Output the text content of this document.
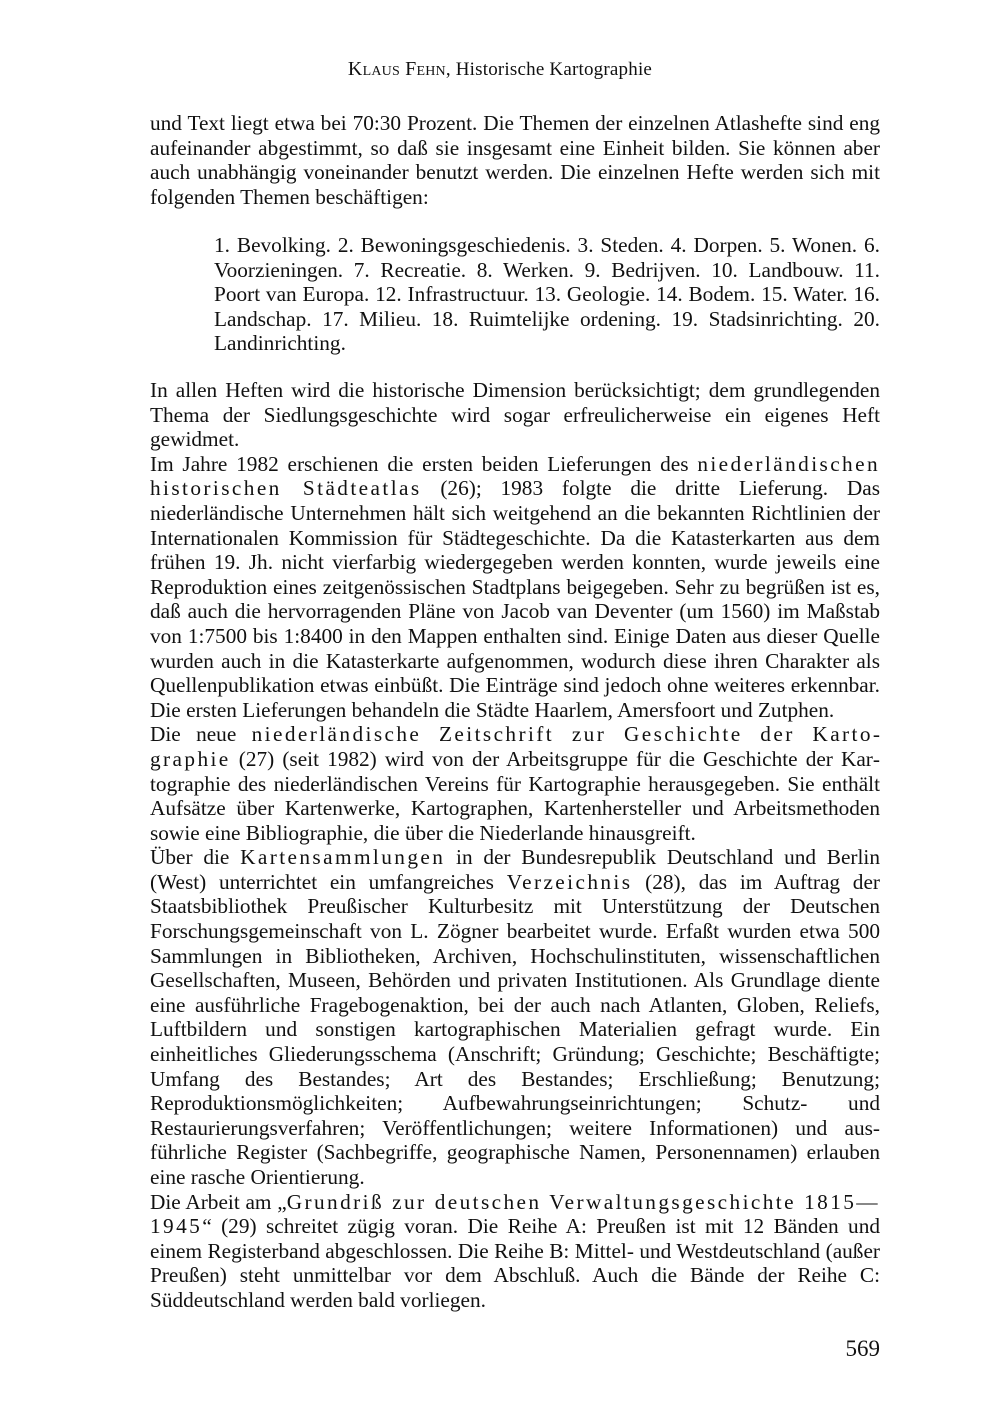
Klaus Fehn, Historische Kartographie

und Text liegt etwa bei 70:30 Prozent. Die Themen der einzelnen Atlashefte sind eng aufeinander abgestimmt, so daß sie insgesamt eine Einheit bilden. Sie können aber auch unabhängig voneinander benutzt werden. Die einzelnen Hefte werden sich mit folgenden Themen beschäftigen:

1. Bevolking. 2. Bewoningsgeschiedenis. 3. Steden. 4. Dorpen. 5. Wonen. 6. Voorzieningen. 7. Recreatie. 8. Werken. 9. Bedrijven. 10. Landbouw. 11. Poort van Europa. 12. Infrastructuur. 13. Geologie. 14. Bodem. 15. Water. 16. Landschap. 17. Milieu. 18. Ruimtelijke ordening. 19. Stadsinrichting. 20. Landinrichting.

In allen Heften wird die historische Dimension berücksichtigt; dem grundlegenden Thema der Siedlungsgeschichte wird sogar erfreulicherweise ein eigenes Heft gewidmet.

Im Jahre 1982 erschienen die ersten beiden Lieferungen des niederländischen historischen Städteatlas (26); 1983 folgte die dritte Lieferung. Das niederländische Unternehmen hält sich weitgehend an die bekannten Richtlinien der Internationalen Kommission für Städtegeschichte. Da die Katasterkarten aus dem frühen 19. Jh. nicht vierfarbig wiedergegeben werden konnten, wurde jeweils eine Reproduktion eines zeitgenössischen Stadtplans beigegeben. Sehr zu begrüßen ist es, daß auch die hervorragenden Pläne von Jacob van Deventer (um 1560) im Maßstab von 1:7500 bis 1:8400 in den Mappen enthalten sind. Einige Daten aus dieser Quelle wurden auch in die Katasterkarte aufgenommen, wodurch diese ihren Charakter als Quellenpublikation etwas einbüßt. Die Einträge sind jedoch ohne weiteres erkennbar. Die ersten Lieferungen behandeln die Städte Haarlem, Amersfoort und Zutphen.

Die neue niederländische Zeitschrift zur Geschichte der Kartographie (27) (seit 1982) wird von der Arbeitsgruppe für die Geschichte der Kartographie des niederländischen Vereins für Kartographie herausgegeben. Sie enthält Aufsätze über Kartenwerke, Kartographen, Kartenhersteller und Arbeitsmethoden sowie eine Bibliographie, die über die Niederlande hinausgreift.

Über die Kartensammlungen in der Bundesrepublik Deutschland und Berlin (West) unterrichtet ein umfangreiches Verzeichnis (28), das im Auftrag der Staatsbibliothek Preußischer Kulturbesitz mit Unterstützung der Deutschen Forschungsgemeinschaft von L. Zögner bearbeitet wurde. Erfaßt wurden etwa 500 Sammlungen in Bibliotheken, Archiven, Hochschulinstituten, wissenschaftlichen Gesellschaften, Museen, Behörden und privaten Institutionen. Als Grundlage diente eine ausführliche Fragebogenaktion, bei der auch nach Atlanten, Globen, Reliefs, Luftbildern und sonstigen kartographischen Materialien gefragt wurde. Ein einheitliches Gliederungsschema (Anschrift; Gründung; Geschichte; Beschäftigte; Umfang des Bestandes; Art des Bestandes; Erschließung; Benutzung; Reproduktionsmöglichkeiten; Aufbewahrungseinrichtungen; Schutz- und Restaurierungsverfahren; Veröffentlichungen; weitere Informationen) und ausführliche Register (Sachbegriffe, geographische Namen, Personennamen) erlauben eine rasche Orientierung.

Die Arbeit am „Grundriß zur deutschen Verwaltungsgeschichte 1815—1945“ (29) schreitet zügig voran. Die Reihe A: Preußen ist mit 12 Bänden und einem Registerband abgeschlossen. Die Reihe B: Mittel- und Westdeutschland (außer Preußen) steht unmittelbar vor dem Abschluß. Auch die Bände der Reihe C: Süddeutschland werden bald vorliegen.

569
